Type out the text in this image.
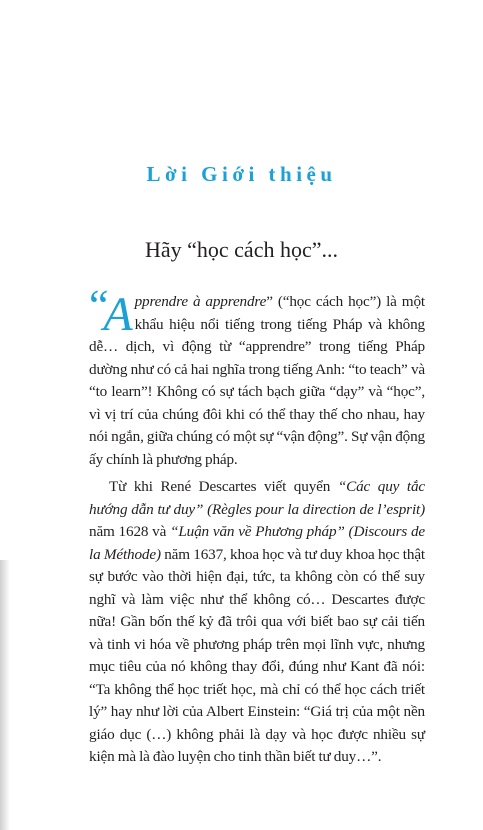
Lời Giới thiệu
Hãy “học cách học”...

“
A pprendre à apprendre” (“học cách học”) là một khẩu hiệu nổi tiếng trong tiếng Pháp và không dễ… dịch, vì động từ “apprendre” trong tiếng Pháp dường như có cả hai nghĩa trong tiếng Anh: “to teach” và “to learn”! Không có sự tách bạch giữa “dạy” và “học”, vì vị trí của chúng đôi khi có thể thay thế cho nhau, hay nói ngắn, giữa chúng có một sự “vận động”. Sự vận động ấy chính là phương pháp.

Từ khi René Descartes viết quyển “Các quy tắc hướng dẫn tư duy” (Règles pour la direction de l’esprit) năm 1628 và “Luận văn về Phương pháp” (Discours de la Méthode) năm 1637, khoa học và tư duy khoa học thật sự bước vào thời hiện đại, tức, ta không còn có thể suy nghĩ và làm việc như thể không có… Descartes được nữa! Gần bốn thế kỷ đã trôi qua với biết bao sự cải tiến và tinh vi hóa về phương pháp trên mọi lĩnh vực, nhưng mục tiêu của nó không thay đổi, đúng như Kant đã nói: “Ta không thể học triết học, mà chỉ có thể học cách triết lý” hay như lời của Albert Einstein: “Giá trị của một nền giáo dục (…) không phải là dạy và học được nhiều sự kiện mà là đào luyện cho tinh thần biết tư duy…”.
